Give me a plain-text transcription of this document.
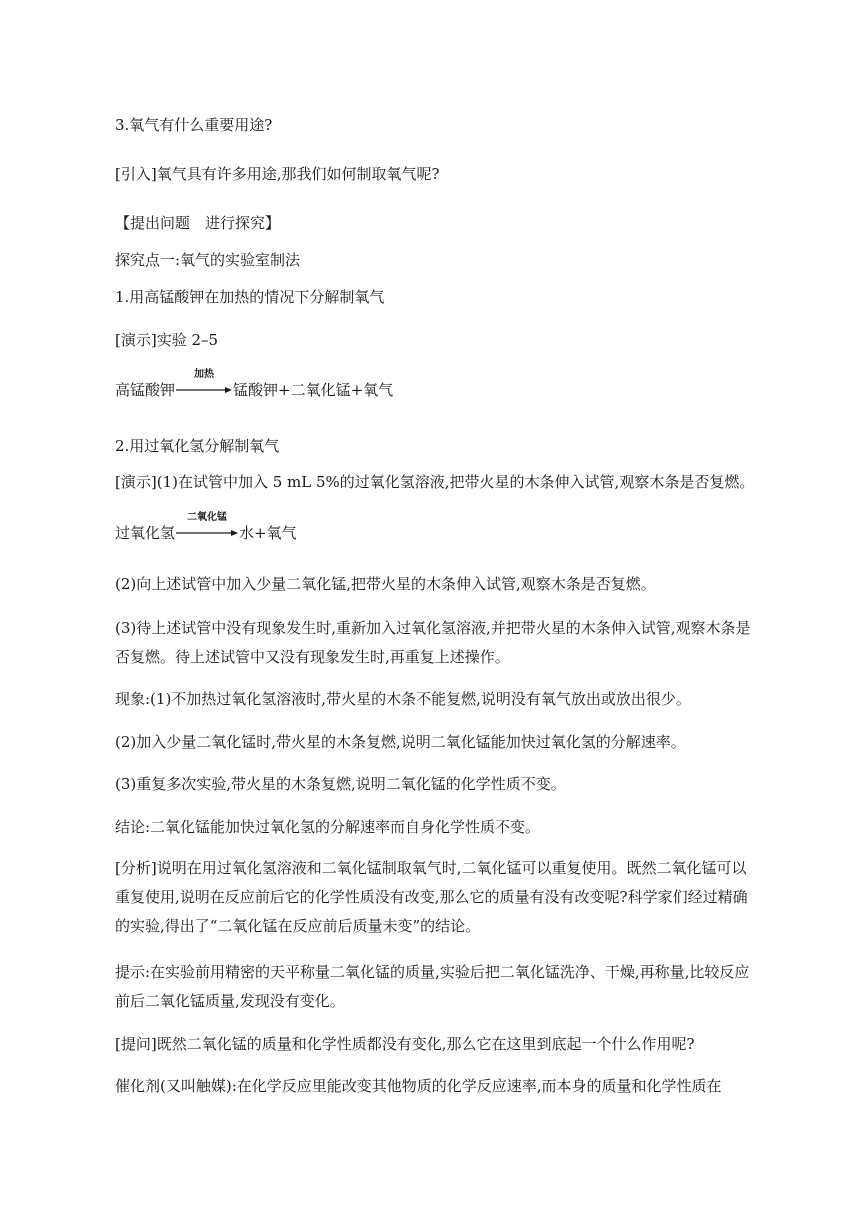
3.氧气有什么重要用途?
[引入]氧气具有许多用途,那我们如何制取氧气呢?
【提出问题　进行探究】
探究点一:氧气的实验室制法
1.用高锰酸钾在加热的情况下分解制氧气
[演示]实验 2–5
高锰酸钾
加热
锰酸钾+二氧化锰+氧气
2.用过氧化氢分解制氧气
[演示](1)在试管中加入 5 mL 5%的过氧化氢溶液,把带火星的木条伸入试管,观察木条是否复燃。
过氧化氢
二氧化锰
水+氧气
(2)向上述试管中加入少量二氧化锰,把带火星的木条伸入试管,观察木条是否复燃。
(3)待上述试管中没有现象发生时,重新加入过氧化氢溶液,并把带火星的木条伸入试管,观察木条是否复燃。待上述试管中又没有现象发生时,再重复上述操作。
现象:(1)不加热过氧化氢溶液时,带火星的木条不能复燃,说明没有氧气放出或放出很少。
(2)加入少量二氧化锰时,带火星的木条复燃,说明二氧化锰能加快过氧化氢的分解速率。
(3)重复多次实验,带火星的木条复燃,说明二氧化锰的化学性质不变。
结论:二氧化锰能加快过氧化氢的分解速率而自身化学性质不变。
[分析]说明在用过氧化氢溶液和二氧化锰制取氧气时,二氧化锰可以重复使用。既然二氧化锰可以重复使用,说明在反应前后它的化学性质没有改变,那么它的质量有没有改变呢?科学家们经过精确的实验,得出了“二氧化锰在反应前后质量未变”的结论。
提示:在实验前用精密的天平称量二氧化锰的质量,实验后把二氧化锰洗净、干燥,再称量,比较反应前后二氧化锰质量,发现没有变化。
[提问]既然二氧化锰的质量和化学性质都没有变化,那么它在这里到底起一个什么作用呢?
催化剂(又叫触媒):在化学反应里能改变其他物质的化学反应速率,而本身的质量和化学性质在
